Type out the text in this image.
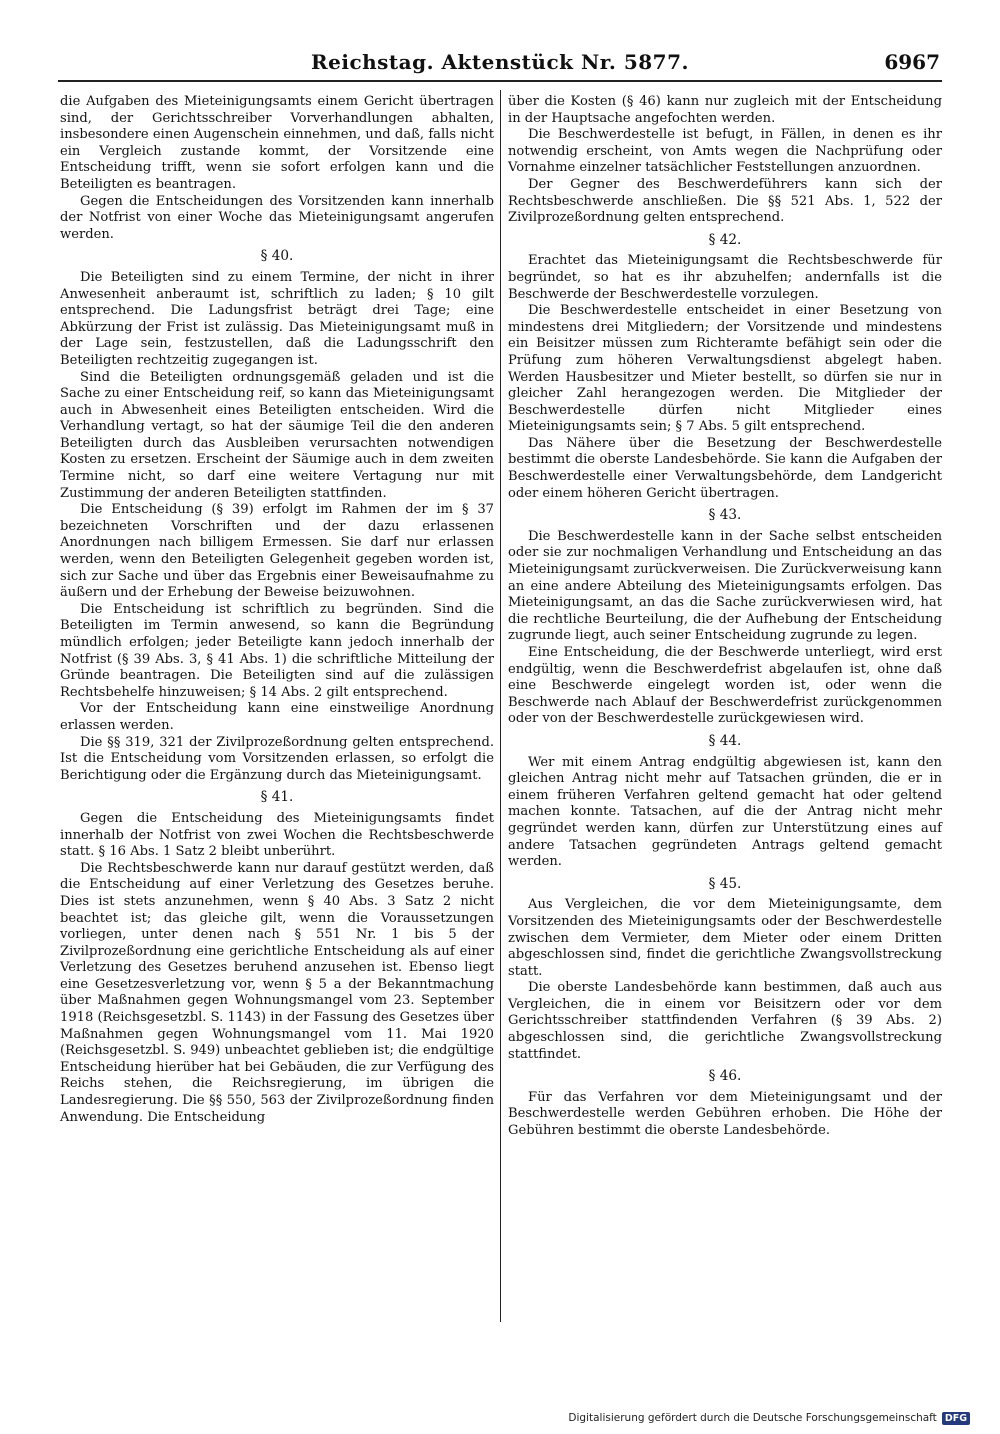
Reichstag. Aktenstück Nr. 5877.	6967

die Aufgaben des Mieteinigungsamts einem Gericht übertragen sind, der Gerichtsschreiber Vorverhandlungen abhalten, insbesondere einen Augenschein einnehmen, und daß, falls nicht ein Vergleich zustande kommt, der Vorsitzende eine Entscheidung trifft, wenn sie sofort erfolgen kann und die Beteiligten es beantragen.

Gegen die Entscheidungen des Vorsitzenden kann innerhalb der Notfrist von einer Woche das Mieteinigungsamt angerufen werden.

§ 40.

Die Beteiligten sind zu einem Termine, der nicht in ihrer Anwesenheit anberaumt ist, schriftlich zu laden; § 10 gilt entsprechend. Die Ladungsfrist beträgt drei Tage; eine Abkürzung der Frist ist zulässig. Das Mieteinigungsamt muß in der Lage sein, festzustellen, daß die Ladungsschrift den Beteiligten rechtzeitig zugegangen ist.

Sind die Beteiligten ordnungsgemäß geladen und ist die Sache zu einer Entscheidung reif, so kann das Mieteinigungsamt auch in Abwesenheit eines Beteiligten entscheiden. Wird die Verhandlung vertagt, so hat der säumige Teil die den anderen Beteiligten durch das Ausbleiben verursachten notwendigen Kosten zu ersetzen. Erscheint der Säumige auch in dem zweiten Termine nicht, so darf eine weitere Vertagung nur mit Zustimmung der anderen Beteiligten stattfinden.

Die Entscheidung (§ 39) erfolgt im Rahmen der im § 37 bezeichneten Vorschriften und der dazu erlassenen Anordnungen nach billigem Ermessen. Sie darf nur erlassen werden, wenn den Beteiligten Gelegenheit gegeben worden ist, sich zur Sache und über das Ergebnis einer Beweisaufnahme zu äußern und der Erhebung der Beweise beizuwohnen.

Die Entscheidung ist schriftlich zu begründen. Sind die Beteiligten im Termin anwesend, so kann die Begründung mündlich erfolgen; jeder Beteiligte kann jedoch innerhalb der Notfrist (§ 39 Abs. 3, § 41 Abs. 1) die schriftliche Mitteilung der Gründe beantragen. Die Beteiligten sind auf die zulässigen Rechtsbehelfe hinzuweisen; § 14 Abs. 2 gilt entsprechend.

Vor der Entscheidung kann eine einstweilige Anordnung erlassen werden.

Die §§ 319, 321 der Zivilprozeßordnung gelten entsprechend. Ist die Entscheidung vom Vorsitzenden erlassen, so erfolgt die Berichtigung oder die Ergänzung durch das Mieteinigungsamt.

§ 41.

Gegen die Entscheidung des Mieteinigungsamts findet innerhalb der Notfrist von zwei Wochen die Rechtsbeschwerde statt. § 16 Abs. 1 Satz 2 bleibt unberührt.

Die Rechtsbeschwerde kann nur darauf gestützt werden, daß die Entscheidung auf einer Verletzung des Gesetzes beruhe. Dies ist stets anzunehmen, wenn § 40 Abs. 3 Satz 2 nicht beachtet ist; das gleiche gilt, wenn die Voraussetzungen vorliegen, unter denen nach § 551 Nr. 1 bis 5 der Zivilprozeßordnung eine gerichtliche Entscheidung als auf einer Verletzung des Gesetzes beruhend anzusehen ist. Ebenso liegt eine Gesetzesverletzung vor, wenn § 5 a der Bekanntmachung über Maßnahmen gegen Wohnungsmangel vom 23. September 1918 (Reichsgesetzbl. S. 1143) in der Fassung des Gesetzes über Maßnahmen gegen Wohnungsmangel vom 11. Mai 1920 (Reichsgesetzbl. S. 949) unbeachtet geblieben ist; die endgültige Entscheidung hierüber hat bei Gebäuden, die zur Verfügung des Reichs stehen, die Reichsregierung, im übrigen die Landesregierung. Die §§ 550, 563 der Zivilprozeßordnung finden Anwendung. Die Entscheidung

über die Kosten (§ 46) kann nur zugleich mit der Entscheidung in der Hauptsache angefochten werden.

Die Beschwerdestelle ist befugt, in Fällen, in denen es ihr notwendig erscheint, von Amts wegen die Nachprüfung oder Vornahme einzelner tatsächlicher Feststellungen anzuordnen.

Der Gegner des Beschwerdeführers kann sich der Rechtsbeschwerde anschließen. Die §§ 521 Abs. 1, 522 der Zivilprozeßordnung gelten entsprechend.

§ 42.

Erachtet das Mieteinigungsamt die Rechtsbeschwerde für begründet, so hat es ihr abzuhelfen; andernfalls ist die Beschwerde der Beschwerdestelle vorzulegen.

Die Beschwerdestelle entscheidet in einer Besetzung von mindestens drei Mitgliedern; der Vorsitzende und mindestens ein Beisitzer müssen zum Richteramte befähigt sein oder die Prüfung zum höheren Verwaltungsdienst abgelegt haben. Werden Hausbesitzer und Mieter bestellt, so dürfen sie nur in gleicher Zahl herangezogen werden. Die Mitglieder der Beschwerdestelle dürfen nicht Mitglieder eines Mieteinigungsamts sein; § 7 Abs. 5 gilt entsprechend.

Das Nähere über die Besetzung der Beschwerdestelle bestimmt die oberste Landesbehörde. Sie kann die Aufgaben der Beschwerdestelle einer Verwaltungsbehörde, dem Landgericht oder einem höheren Gericht übertragen.

§ 43.

Die Beschwerdestelle kann in der Sache selbst entscheiden oder sie zur nochmaligen Verhandlung und Entscheidung an das Mieteinigungsamt zurückverweisen. Die Zurückverweisung kann an eine andere Abteilung des Mieteinigungsamts erfolgen. Das Mieteinigungsamt, an das die Sache zurückverwiesen wird, hat die rechtliche Beurteilung, die der Aufhebung der Entscheidung zugrunde liegt, auch seiner Entscheidung zugrunde zu legen.

Eine Entscheidung, die der Beschwerde unterliegt, wird erst endgültig, wenn die Beschwerdefrist abgelaufen ist, ohne daß eine Beschwerde eingelegt worden ist, oder wenn die Beschwerde nach Ablauf der Beschwerdefrist zurückgenommen oder von der Beschwerdestelle zurückgewiesen wird.

§ 44.

Wer mit einem Antrag endgültig abgewiesen ist, kann den gleichen Antrag nicht mehr auf Tatsachen gründen, die er in einem früheren Verfahren geltend gemacht hat oder geltend machen konnte. Tatsachen, auf die der Antrag nicht mehr gegründet werden kann, dürfen zur Unterstützung eines auf andere Tatsachen gegründeten Antrags geltend gemacht werden.

§ 45.

Aus Vergleichen, die vor dem Mieteinigungsamte, dem Vorsitzenden des Mieteinigungsamts oder der Beschwerdestelle zwischen dem Vermieter, dem Mieter oder einem Dritten abgeschlossen sind, findet die gerichtliche Zwangsvollstreckung statt.

Die oberste Landesbehörde kann bestimmen, daß auch aus Vergleichen, die in einem vor Beisitzern oder vor dem Gerichtsschreiber stattfindenden Verfahren (§ 39 Abs. 2) abgeschlossen sind, die gerichtliche Zwangsvollstreckung stattfindet.

§ 46.

Für das Verfahren vor dem Mieteinigungsamt und der Beschwerdestelle werden Gebühren erhoben. Die Höhe der Gebühren bestimmt die oberste Landesbehörde.

Digitalisierung gefördert durch die Deutsche Forschungsgemeinschaft DFG
